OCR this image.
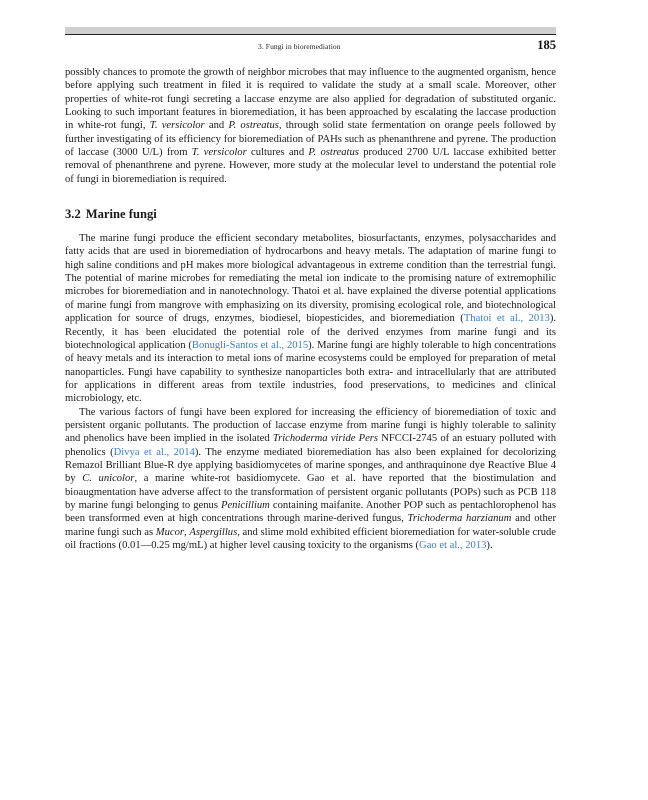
3. Fungi in bioremediation	185

possibly chances to promote the growth of neighbor microbes that may influence to the augmented organism, hence before applying such treatment in filed it is required to validate the study at a small scale. Moreover, other properties of white-rot fungi secreting a laccase enzyme are also applied for degradation of substituted organic. Looking to such important features in bioremediation, it has been approached by escalating the laccase production in white-rot fungi, T. versicolor and P. ostreatus, through solid state fermentation on orange peels followed by further investigating of its efficiency for bioremediation of PAHs such as phenanthrene and pyrene. The production of laccase (3000 U/L) from T. versicolor cultures and P. ostreatus produced 2700 U/L laccase exhibited better removal of phenanthrene and pyrene. However, more study at the molecular level to understand the potential role of fungi in bioremediation is required.

3.2 Marine fungi

The marine fungi produce the efficient secondary metabolites, biosurfactants, enzymes, polysaccharides and fatty acids that are used in bioremediation of hydrocarbons and heavy metals. The adaptation of marine fungi to high saline conditions and pH makes more biological advantageous in extreme condition than the terrestrial fungi. The potential of marine microbes for remediating the metal ion indicate to the promising nature of extremophilic microbes for bioremediation and in nanotechnology. Thatoi et al. have explained the diverse potential applications of marine fungi from mangrove with emphasizing on its diversity, promising ecological role, and biotechnological application for source of drugs, enzymes, biodiesel, biopesticides, and bioremediation (Thatoi et al., 2013). Recently, it has been elucidated the potential role of the derived enzymes from marine fungi and its biotechnological application (Bonugli-Santos et al., 2015). Marine fungi are highly tolerable to high concentrations of heavy metals and its interaction to metal ions of marine ecosystems could be employed for preparation of metal nanoparticles. Fungi have capability to synthesize nanoparticles both extra- and intracellularly that are attributed for applications in different areas from textile industries, food preservations, to medicines and clinical microbiology, etc.

The various factors of fungi have been explored for increasing the efficiency of bioremediation of toxic and persistent organic pollutants. The production of laccase enzyme from marine fungi is highly tolerable to salinity and phenolics have been implied in the isolated Trichoderma viride Pers NFCCI-2745 of an estuary polluted with phenolics (Divya et al., 2014). The enzyme mediated bioremediation has also been explained for decolorizing Remazol Brilliant Blue-R dye applying basidiomycetes of marine sponges, and anthraquinone dye Reactive Blue 4 by C. unicolor, a marine white-rot basidiomycete. Gao et al. have reported that the biostimulation and bioaugmentation have adverse affect to the transformation of persistent organic pollutants (POPs) such as PCB 118 by marine fungi belonging to genus Penicillium containing maifanite. Another POP such as pentachlorophenol has been transformed even at high concentrations through marine-derived fungus, Trichoderma harzianum and other marine fungi such as Mucor, Aspergillus, and slime mold exhibited efficient bioremediation for water-soluble crude oil fractions (0.01—0.25 mg/mL) at higher level causing toxicity to the organisms (Gao et al., 2013).
